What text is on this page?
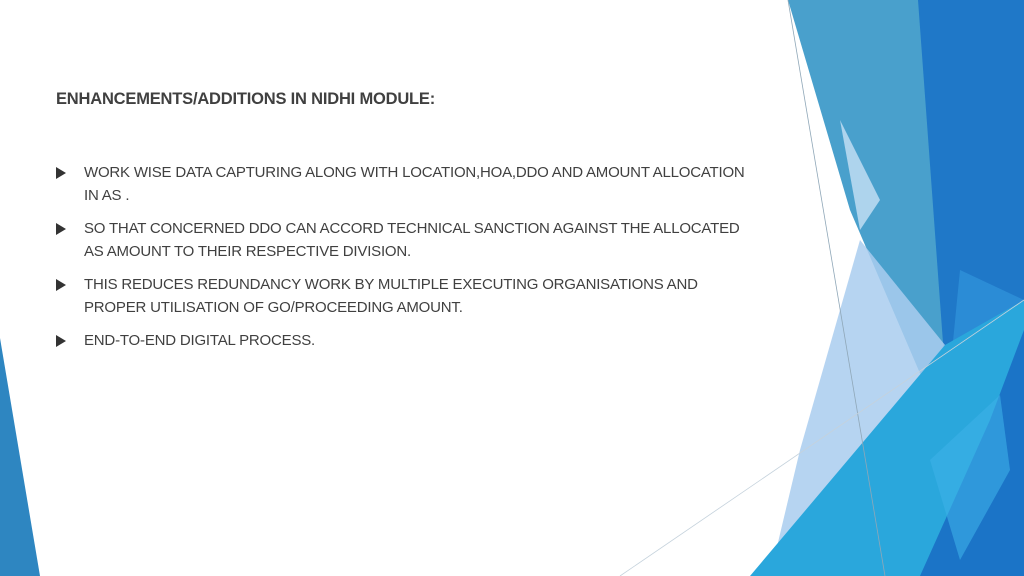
ENHANCEMENTS/ADDITIONS IN NIDHI MODULE:
WORK WISE DATA CAPTURING ALONG WITH LOCATION,HOA,DDO AND AMOUNT ALLOCATION IN AS .
SO THAT CONCERNED DDO CAN ACCORD TECHNICAL SANCTION AGAINST THE ALLOCATED AS AMOUNT TO THEIR RESPECTIVE DIVISION.
THIS REDUCES REDUNDANCY WORK BY MULTIPLE EXECUTING ORGANISATIONS AND PROPER UTILISATION OF GO/PROCEEDING AMOUNT.
END-TO-END DIGITAL PROCESS.
